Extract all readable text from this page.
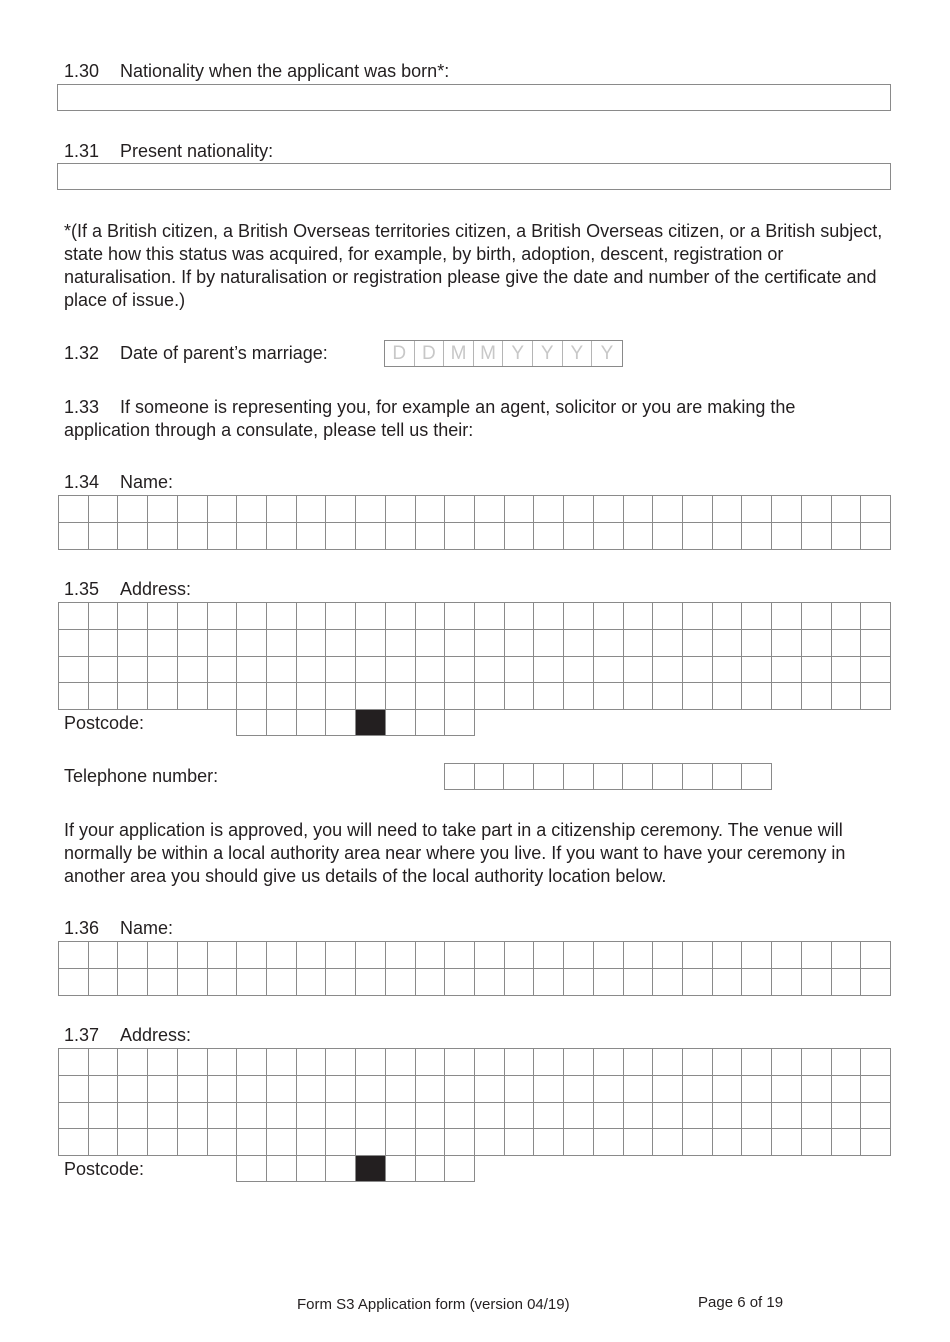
1.30 Nationality when the applicant was born*:
1.31 Present nationality:
*(If a British citizen, a British Overseas territories citizen, a British Overseas citizen, or a British subject, state how this status was acquired, for example, by birth, adoption, descent, registration or naturalisation. If by naturalisation or registration please give the date and number of the certificate and place of issue.)
1.32 Date of parent’s marriage:	D D M M Y Y Y Y
1.33 If someone is representing you, for example an agent, solicitor or you are making the application through a consulate, please tell us their:
1.34 Name:
1.35 Address:
Postcode:
Telephone number:
If your application is approved, you will need to take part in a citizenship ceremony. The venue will normally be within a local authority area near where you live. If you want to have your ceremony in another area you should give us details of the local authority location below.
1.36 Name:
1.37 Address:
Postcode:
Form S3 Application form (version 04/19)	Page 6 of 19
